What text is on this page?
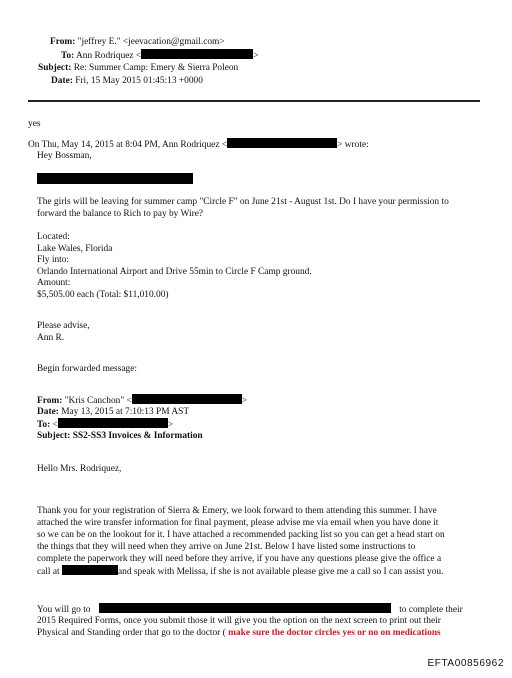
From: "jeffrey E." <jeevacation@gmail.com>
To: Ann Rodriquez <	>
Subject: Re: Summer Camp: Emery & Sierra Poleon
Date: Fri, 15 May 2015 01:45:13 +0000
yes
On Thu, May 14, 2015 at 8:04 PM, Ann Rodriquez <	> wrote:
Hey Bossman,
The girls will be leaving for summer camp "Circle F" on June 21st - August 1st. Do I have your permission to
forward the balance to Rich to pay by Wire?
Located:
Lake Wales, Florida
Fly into:
Orlando International Airport and Drive 55min to Circle F Camp ground.
Amount:
$5,505.00 each (Total: $11,010.00)
Please advise,
Ann R.
Begin forwarded message:
From: "Kris Canchon" <	>
Date: May 13, 2015 at 7:10:13 PM AST
To: <	>
Subject: SS2-SS3 Invoices & Information
Hello Mrs. Rodriquez,
Thank you for your registration of Sierra & Emery, we look forward to them attending this summer. I have
attached the wire transfer information for final payment, please advise me via email when you have done it
so we can be on the lookout for it. I have attached a recommended packing list so you can get a head start on
the things that they will need when they arrive on June 21st. Below I have listed some instructions to
complete the paperwork they will need before they arrive, if you have any questions please give the office a
call at	and speak with Melissa, if she is not available please give me a call so I can assist you.
You will go to	to complete their
2015 Required Forms, once you submit those it will give you the option on the next screen to print out their
Physical and Standing order that go to the doctor ( make sure the doctor circles yes or no on medications
EFTA00856962
